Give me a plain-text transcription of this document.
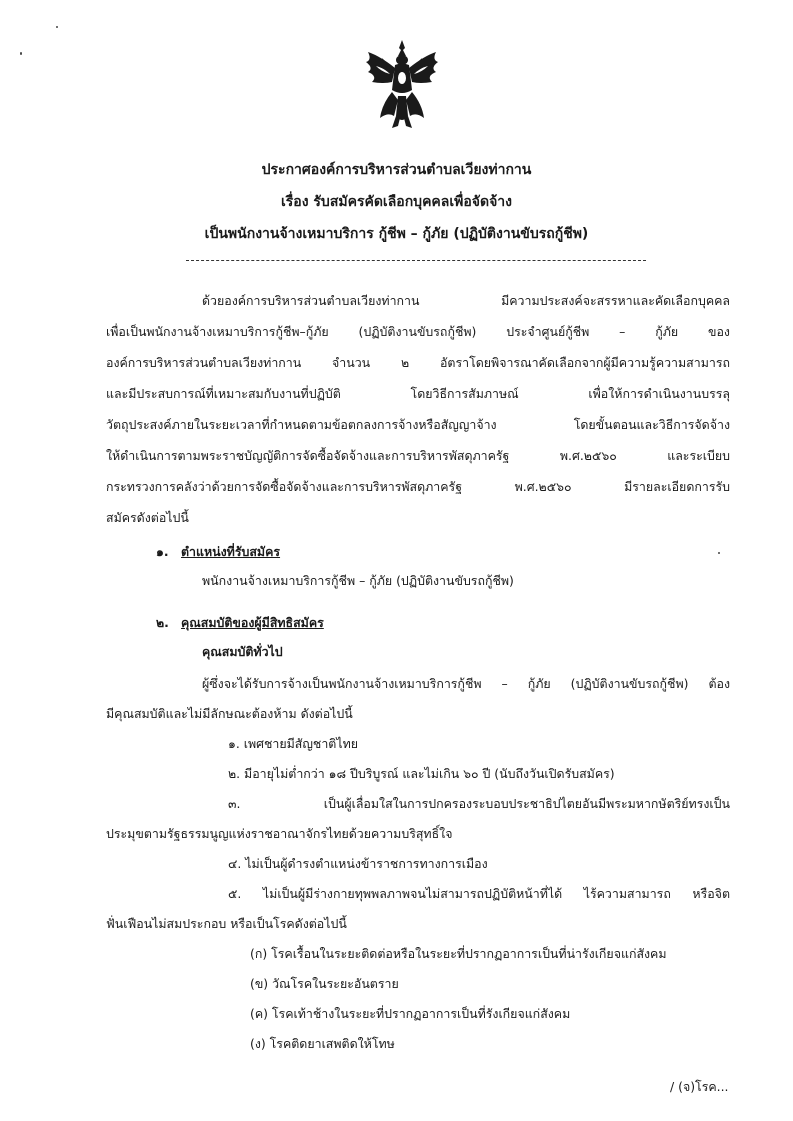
ประกาศองค์การบริหารส่วนตำบลเวียงท่ากาน
เรื่อง รับสมัครคัดเลือกบุคคลเพื่อจัดจ้าง
เป็นพนักงานจ้างเหมาบริการ กู้ชีพ – กู้ภัย (ปฏิบัติงานขับรถกู้ชีพ)
ด้วยองค์การบริหารส่วนตำบลเวียงท่ากาน มีความประสงค์จะสรรหาและคัดเลือกบุคคล
เพื่อเป็นพนักงานจ้างเหมาบริการกู้ชีพ–กู้ภัย (ปฏิบัติงานขับรถกู้ชีพ) ประจำศูนย์กู้ชีพ – กู้ภัย ของ
องค์การบริหารส่วนตำบลเวียงท่ากาน จำนวน ๒ อัตราโดยพิจารณาคัดเลือกจากผู้มีความรู้ความสามารถ
และมีประสบการณ์ที่เหมาะสมกับงานที่ปฏิบัติ โดยวิธีการสัมภาษณ์ เพื่อให้การดำเนินงานบรรลุ
วัตถุประสงค์ภายในระยะเวลาที่กำหนดตามข้อตกลงการจ้างหรือสัญญาจ้าง โดยขั้นตอนและวิธีการจัดจ้าง
ให้ดำเนินการตามพระราชบัญญัติการจัดซื้อจัดจ้างและการบริหารพัสดุภาครัฐ พ.ศ.๒๕๖๐ และระเบียบ
กระทรวงการคลังว่าด้วยการจัดซื้อจัดจ้างและการบริหารพัสดุภาครัฐ พ.ศ.๒๕๖๐ มีรายละเอียดการรับ
สมัครดังต่อไปนี้
๑. ตำแหน่งที่รับสมัคร
พนักงานจ้างเหมาบริการกู้ชีพ – กู้ภัย (ปฏิบัติงานขับรถกู้ชีพ)
๒. คุณสมบัติของผู้มีสิทธิสมัคร
คุณสมบัติทั่วไป
ผู้ซึ่งจะได้รับการจ้างเป็นพนักงานจ้างเหมาบริการกู้ชีพ – กู้ภัย (ปฏิบัติงานขับรถกู้ชีพ) ต้อง
มีคุณสมบัติและไม่มีลักษณะต้องห้าม ดังต่อไปนี้
๑. เพศชายมีสัญชาติไทย
๒. มีอายุไม่ต่ำกว่า ๑๘ ปีบริบูรณ์ และไม่เกิน ๖๐ ปี (นับถึงวันเปิดรับสมัคร)
๓. เป็นผู้เลื่อมใสในการปกครองระบอบประชาธิปไตยอันมีพระมหากษัตริย์ทรงเป็น
ประมุขตามรัฐธรรมนูญแห่งราชอาณาจักรไทยด้วยความบริสุทธิ์ใจ
๔. ไม่เป็นผู้ดำรงตำแหน่งข้าราชการทางการเมือง
๕. ไม่เป็นผู้มีร่างกายทุพพลภาพจนไม่สามารถปฏิบัติหน้าที่ได้ ไร้ความสามารถ หรือจิต
ฟั่นเฟือนไม่สมประกอบ หรือเป็นโรคดังต่อไปนี้
(ก) โรคเรื้อนในระยะติดต่อหรือในระยะที่ปรากฏอาการเป็นที่น่ารังเกียจแก่สังคม
(ข) วัณโรคในระยะอันตราย
(ค) โรคเท้าช้างในระยะที่ปรากฏอาการเป็นที่รังเกียจแก่สังคม
(ง) โรคติดยาเสพติดให้โทษ
/ (จ)โรค...
